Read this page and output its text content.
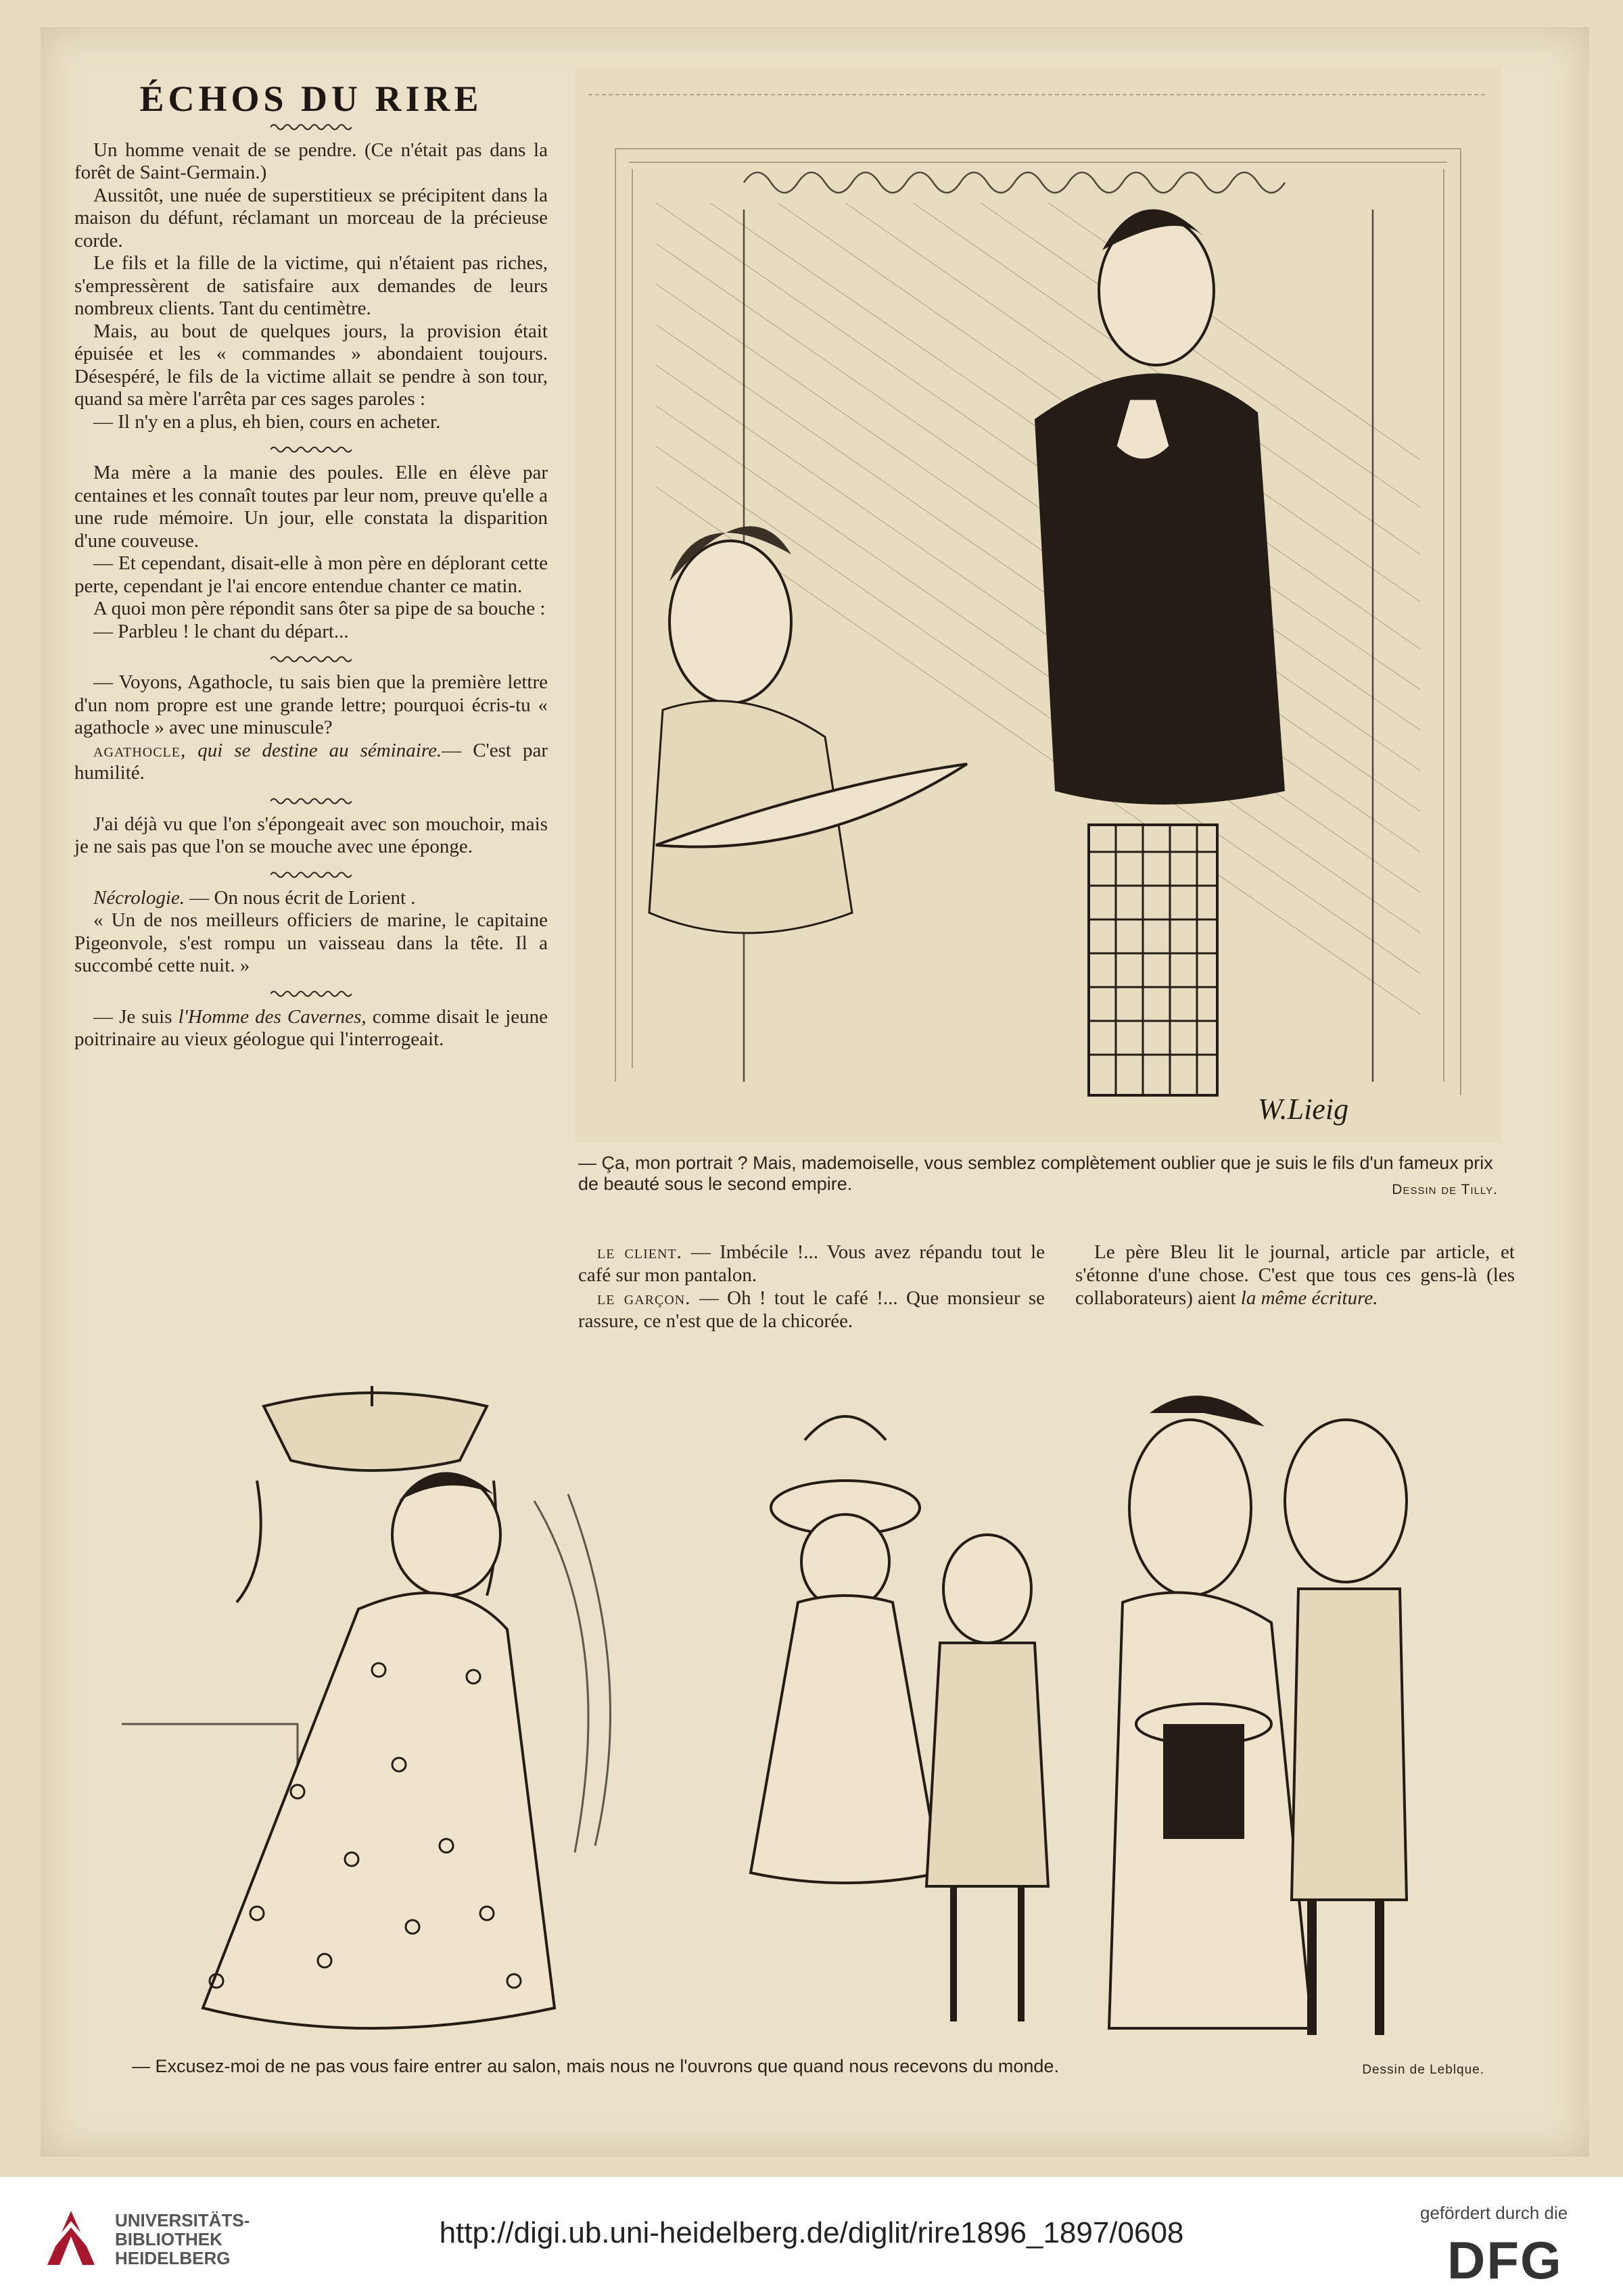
ÉCHOS DU RIRE

Un homme venait de se pendre. (Ce n'était pas dans la forêt de Saint-Germain.)

Aussitôt, une nuée de superstitieux se précipitent dans la maison du défunt, réclamant un morceau de la précieuse corde.

Le fils et la fille de la victime, qui n'étaient pas riches, s'empressèrent de satisfaire aux demandes de leurs nombreux clients. Tant du centimètre.

Mais, au bout de quelques jours, la provision était épuisée et les « commandes » abondaient toujours. Désespéré, le fils de la victime allait se pendre à son tour, quand sa mère l'arrêta par ces sages paroles :

— Il n'y en a plus, eh bien, cours en acheter.

Ma mère a la manie des poules. Elle en élève par centaines et les connaît toutes par leur nom, preuve qu'elle a une rude mémoire. Un jour, elle constata la disparition d'une couveuse.

— Et cependant, disait-elle à mon père en déplorant cette perte, cependant je l'ai encore entendue chanter ce matin.

A quoi mon père répondit sans ôter sa pipe de sa bouche :

— Parbleu ! le chant du départ...

— Voyons, Agathocle, tu sais bien que la première lettre d'un nom propre est une grande lettre; pourquoi écris-tu « agathocle » avec une minuscule?

agathocle, qui se destine au séminaire.— C'est par humilité.

J'ai déjà vu que l'on s'épongeait avec son mouchoir, mais je ne sais pas que l'on se mouche avec une éponge.

Nécrologie. — On nous écrit de Lorient .

« Un de nos meilleurs officiers de marine, le capitaine Pigeonvole, s'est rompu un vaisseau dans la tête. Il a succombé cette nuit. »

— Je suis l'Homme des Cavernes, comme disait le jeune poitrinaire au vieux géologue qui l'interrogeait.

W.Lieig
— Ça, mon portrait ? Mais, mademoiselle, vous semblez complètement oublier que je suis le fils d'un fameux prix de beauté sous le second empire.	Dessin de Tilly.

le client. — Imbécile !... Vous avez répandu tout le café sur mon pantalon.

le garçon. — Oh ! tout le café !... Que monsieur se rassure, ce n'est que de la chicorée.

Le père Bleu lit le journal, article par article, et s'étonne d'une chose. C'est que tous ces gens-là (les collaborateurs) aient la même écriture.

— Excusez-moi de ne pas vous faire entrer au salon, mais nous ne l'ouvrons que quand nous recevons du monde.	Dessin de Leblque.
UNIVERSITÄTS-
BIBLIOTHEK
HEIDELBERG
http://digi.ub.uni-heidelberg.de/diglit/rire1896_1897/0608
gefördert durch die
DFG
